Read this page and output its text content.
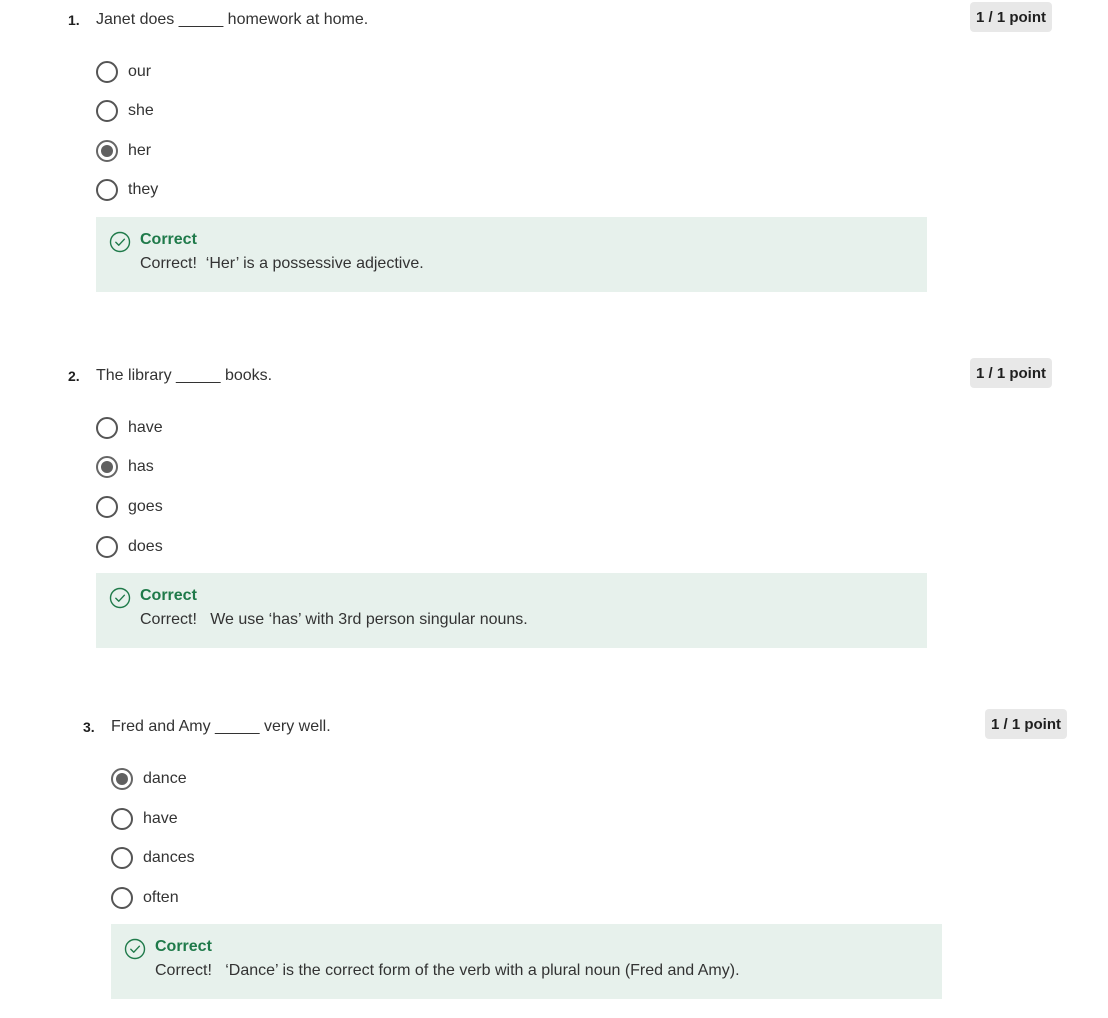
1. Janet does _____ homework at home.	1 / 1 point
our
she
her
they
Correct
Correct!  ‘Her’ is a possessive adjective.
2. The library _____ books.	1 / 1 point
have
has
goes
does
Correct
Correct!   We use ‘has’ with 3rd person singular nouns.
3. Fred and Amy _____ very well.	1 / 1 point
dance
have
dances
often
Correct
Correct!   ‘Dance’ is the correct form of the verb with a plural noun (Fred and Amy).
